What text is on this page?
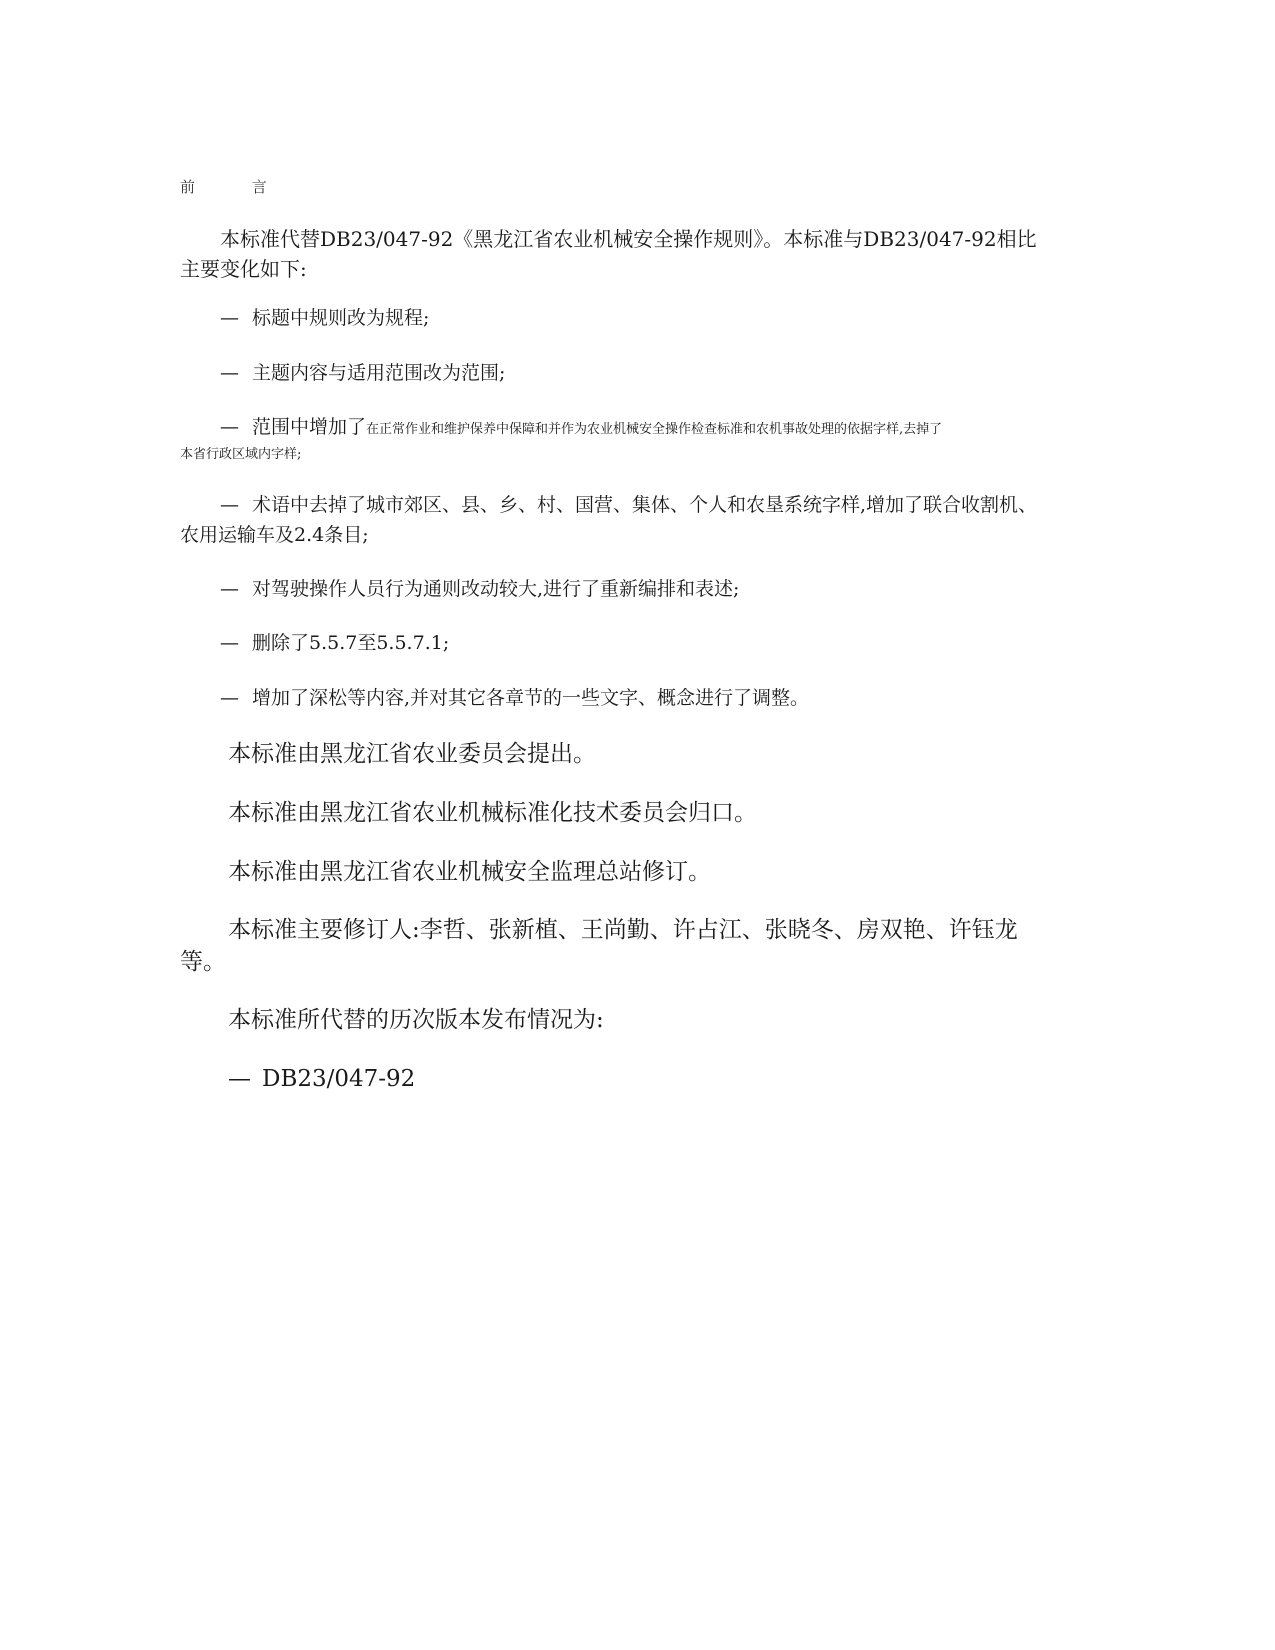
前 言
本标准代替DB23/047-92《黑龙江省农业机械安全操作规则》。本标准与DB23/047-92相比主要变化如下:
— 标题中规则改为规程;
— 主题内容与适用范围改为范围;
— 范围中增加了在正常作业和维护保养中保障和并作为农业机械安全操作检查标准和农机事故处理的依据字样,去掉了
本省行政区域内字样;
— 术语中去掉了城市郊区、县、乡、村、国营、集体、个人和农垦系统字样,增加了联合收割机、农用运输车及2.4条目;
— 对驾驶操作人员行为通则改动较大,进行了重新编排和表述;
— 删除了5.5.7至5.5.7.1;
— 增加了深松等内容,并对其它各章节的一些文字、概念进行了调整。
本标准由黑龙江省农业委员会提出。
本标准由黑龙江省农业机械标准化技术委员会归口。
本标准由黑龙江省农业机械安全监理总站修订。
本标准主要修订人:李哲、张新植、王尚勤、许占江、张晓冬、房双艳、许钰龙等。
本标准所代替的历次版本发布情况为:
— DB23/047-92
